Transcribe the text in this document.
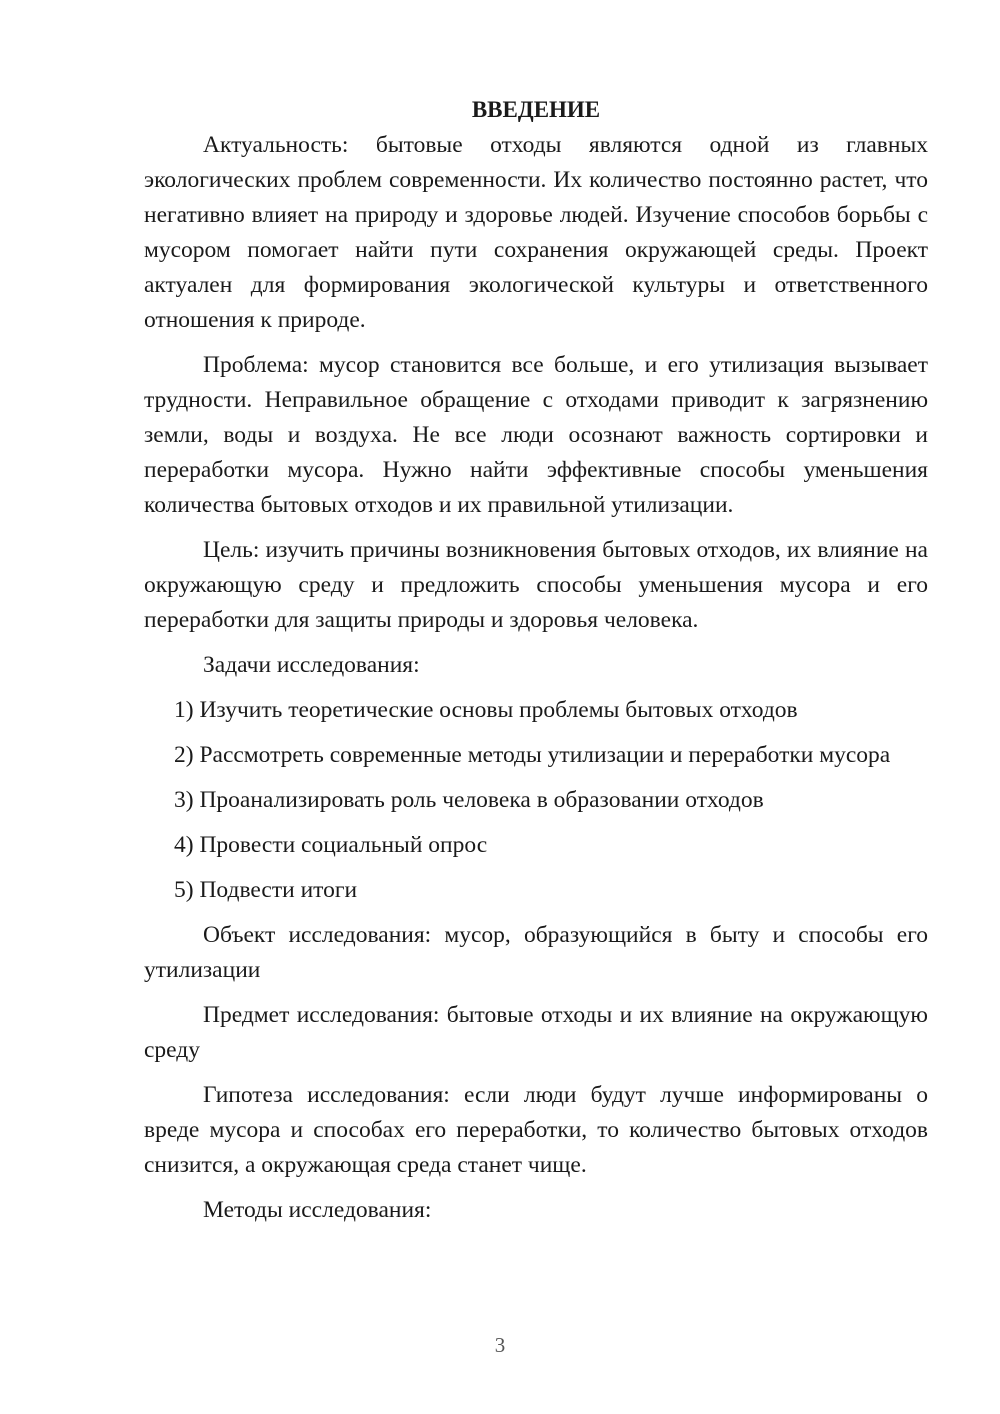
ВВЕДЕНИЕ

Актуальность: бытовые отходы являются одной из главных экологических проблем современности. Их количество постоянно растет, что негативно влияет на природу и здоровье людей. Изучение способов борьбы с мусором помогает найти пути сохранения окружающей среды. Проект актуален для формирования экологической культуры и ответственного отношения к природе.

Проблема: мусор становится все больше, и его утилизация вызывает трудности. Неправильное обращение с отходами приводит к загрязнению земли, воды и воздуха. Не все люди осознают важность сортировки и переработки мусора. Нужно найти эффективные способы уменьшения количества бытовых отходов и их правильной утилизации.

Цель: изучить причины возникновения бытовых отходов, их влияние на окружающую среду и предложить способы уменьшения мусора и его переработки для защиты природы и здоровья человека.

Задачи исследования:

1) Изучить теоретические основы проблемы бытовых отходов

2) Рассмотреть современные методы утилизации и переработки мусора

3) Проанализировать роль человека в образовании отходов

4) Провести социальный опрос

5) Подвести итоги

Объект исследования: мусор, образующийся в быту и способы его утилизации

Предмет исследования: бытовые отходы и их влияние на окружающую среду

Гипотеза исследования: если люди будут лучше информированы о вреде мусора и способах его переработки, то количество бытовых отходов снизится, а окружающая среда станет чище.

Методы исследования:

3
